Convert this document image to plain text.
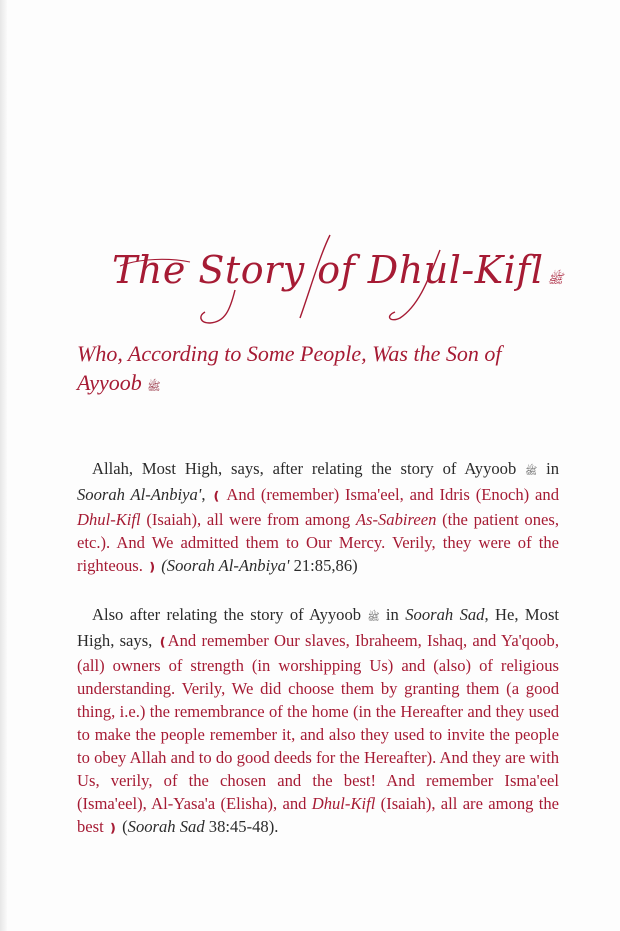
The Story of Dhul-Kifl ﷺ
Who, According to Some People, Was the Son of Ayyoob ﷺ

Allah, Most High, says, after relating the story of Ayyoob ﷺ in Soorah Al-Anbiya', ❪ And (remember) Isma'eel, and Idris (Enoch) and Dhul-Kifl (Isaiah), all were from among As-Sabireen (the patient ones, etc.). And We admitted them to Our Mercy. Verily, they were of the righteous. ❫ (Soorah Al-Anbiya' 21:85,86)

Also after relating the story of Ayyoob ﷺ in Soorah Sad, He, Most High, says, ❪And remember Our slaves, Ibraheem, Ishaq, and Ya'qoob, (all) owners of strength (in worshipping Us) and (also) of religious understanding. Verily, We did choose them by granting them (a good thing, i.e.) the remembrance of the home (in the Hereafter and they used to make the people remember it, and also they used to invite the people to obey Allah and to do good deeds for the Hereafter). And they are with Us, verily, of the chosen and the best! And remember Isma'eel (Isma'eel), Al-Yasa'a (Elisha), and Dhul-Kifl (Isaiah), all are among the best ❫ (Soorah Sad 38:45-48).
